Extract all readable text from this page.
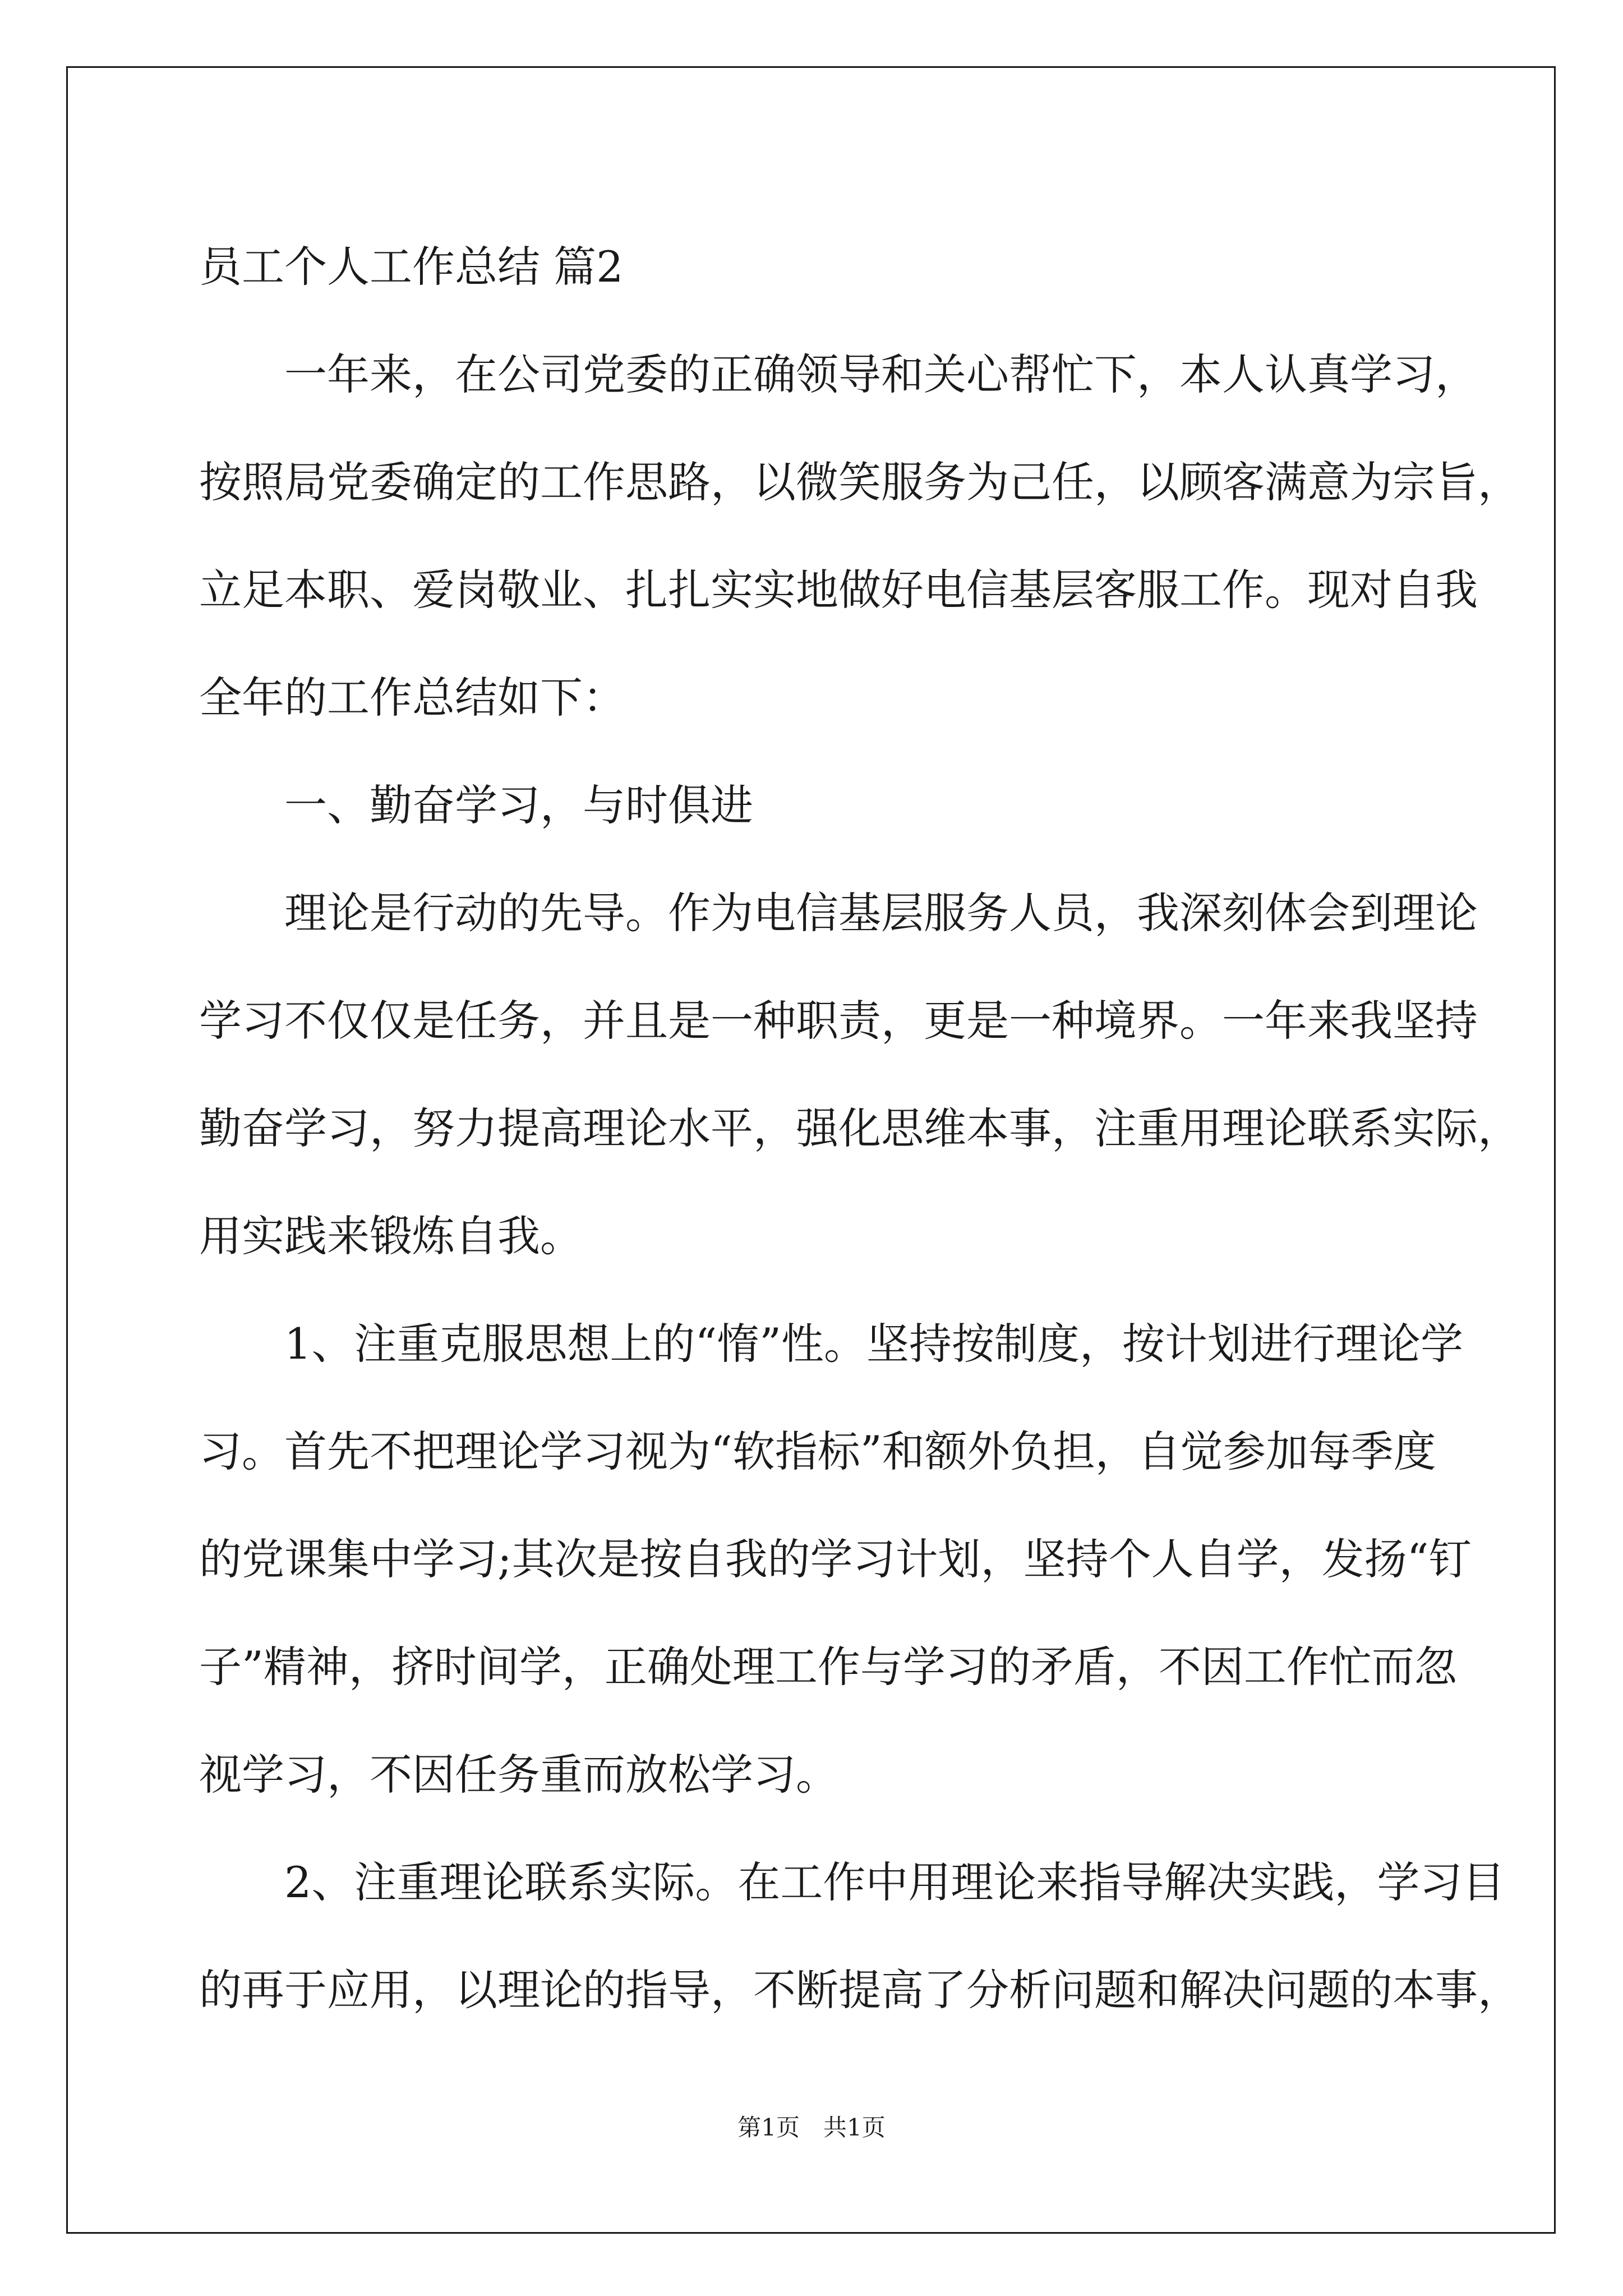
员工个人工作总结 篇2
一年来，在公司党委的正确领导和关心帮忙下，本人认真学习，
按照局党委确定的工作思路，以微笑服务为己任，以顾客满意为宗旨，
立足本职、爱岗敬业、扎扎实实地做好电信基层客服工作。现对自我
全年的工作总结如下：
一、勤奋学习，与时俱进
理论是行动的先导。作为电信基层服务人员，我深刻体会到理论
学习不仅仅是任务，并且是一种职责，更是一种境界。一年来我坚持
勤奋学习，努力提高理论水平，强化思维本事，注重用理论联系实际，
用实践来锻炼自我。
1、注重克服思想上的“惰”性。坚持按制度，按计划进行理论学
习。首先不把理论学习视为“软指标”和额外负担，自觉参加每季度
的党课集中学习;其次是按自我的学习计划，坚持个人自学，发扬“钉
子”精神，挤时间学，正确处理工作与学习的矛盾，不因工作忙而忽
视学习，不因任务重而放松学习。
2、注重理论联系实际。在工作中用理论来指导解决实践，学习目
的再于应用，以理论的指导，不断提高了分析问题和解决问题的本事，
第1页　共1页
